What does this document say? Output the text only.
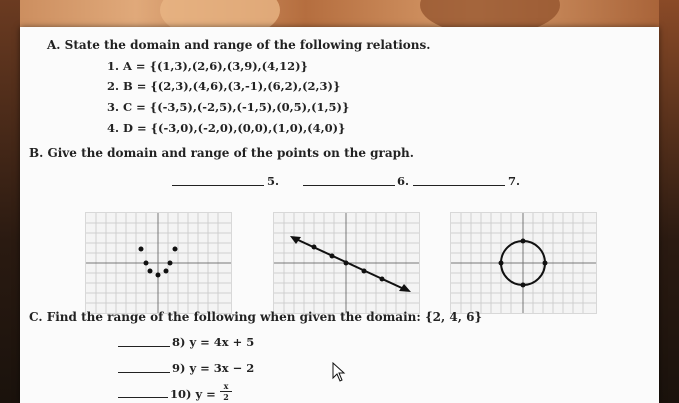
A. State the domain and range of the following relations.
1. A = {(1,3),(2,6),(3,9),(4,12)}
2. B = {(2,3),(4,6),(3,-1),(6,2),(2,3)}
3. C = {(-3,5),(-2,5),(-1,5),(0,5),(1,5)}
4. D = {(-3,0),(-2,0),(0,0),(1,0),(4,0)}
B. Give the domain and range of the points on the graph.
5.	6.	7.
C. Find the range of the following when given the domain: {2, 4, 6}
8) y = 4x + 5
9) y = 3x − 2
10) y =
x
2
